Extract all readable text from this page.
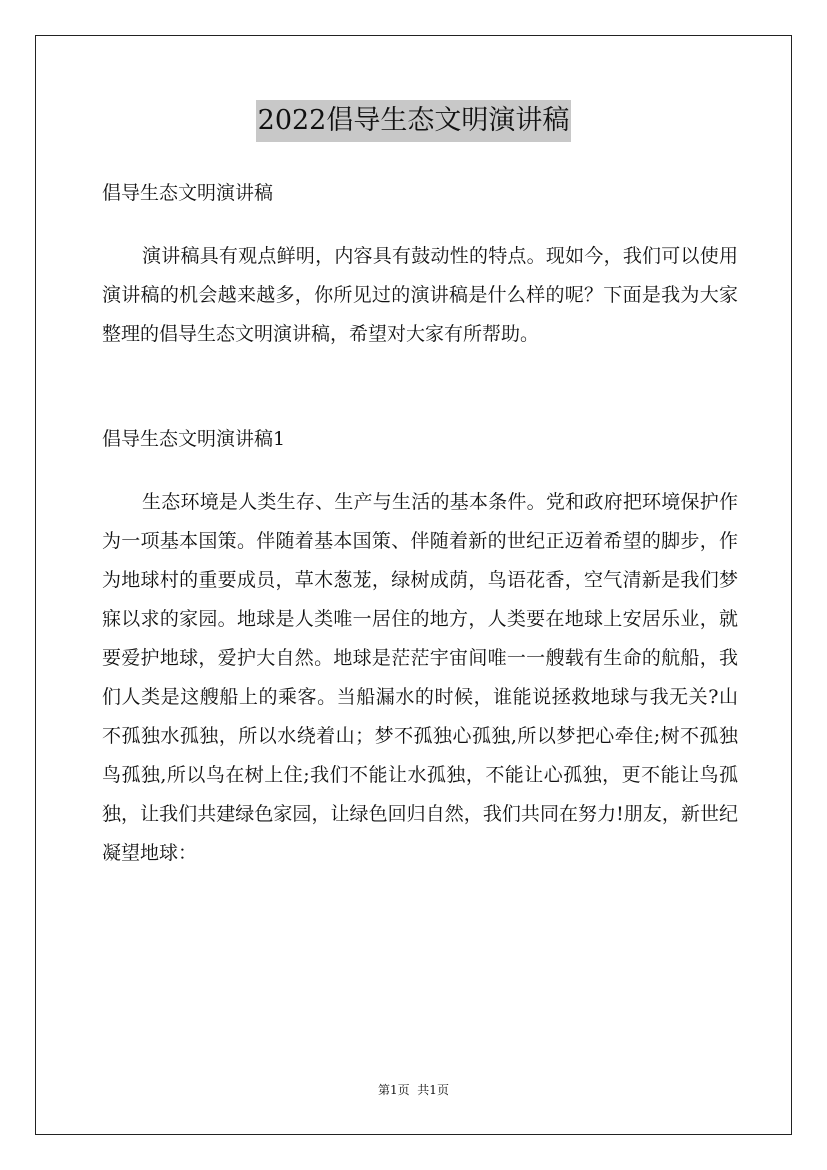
2022倡导生态文明演讲稿

倡导生态文明演讲稿

演讲稿具有观点鲜明，内容具有鼓动性的特点。现如今，我们可以使用演讲稿的机会越来越多，你所见过的演讲稿是什么样的呢？下面是我为大家整理的倡导生态文明演讲稿，希望对大家有所帮助。

倡导生态文明演讲稿1

生态环境是人类生存、生产与生活的基本条件。党和政府把环境保护作为一项基本国策。伴随着基本国策、伴随着新的世纪正迈着希望的脚步，作为地球村的重要成员，草木葱茏，绿树成荫，鸟语花香，空气清新是我们梦寐以求的家园。地球是人类唯一居住的地方，人类要在地球上安居乐业，就要爱护地球，爱护大自然。地球是茫茫宇宙间唯一一艘载有生命的航船，我们人类是这艘船上的乘客。当船漏水的时候，谁能说拯救地球与我无关?山不孤独水孤独，所以水绕着山；梦不孤独心孤独,所以梦把心牵住;树不孤独鸟孤独,所以鸟在树上住;我们不能让水孤独，不能让心孤独，更不能让鸟孤独，让我们共建绿色家园，让绿色回归自然，我们共同在努力!朋友，新世纪凝望地球：

第1页  共1页
